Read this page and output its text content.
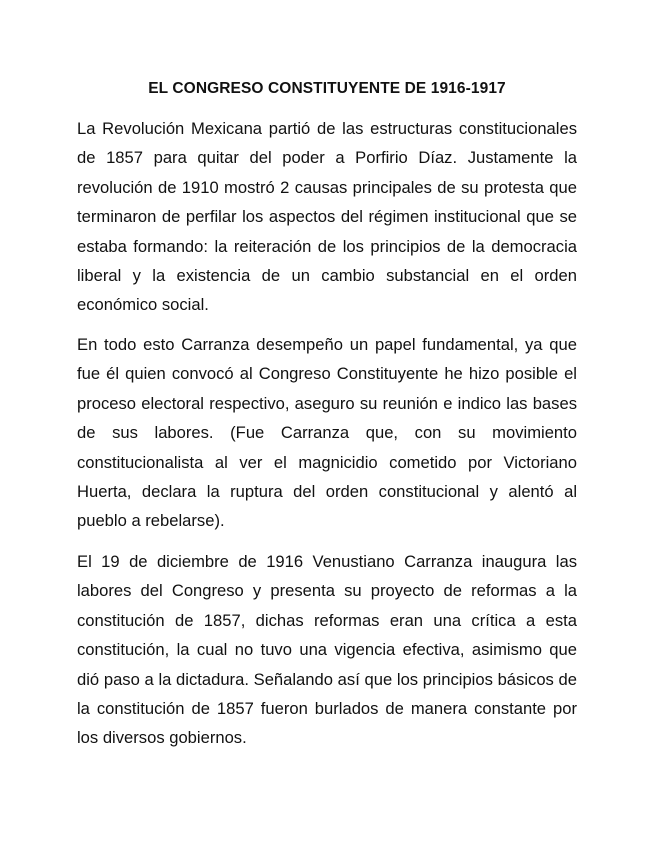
EL CONGRESO CONSTITUYENTE DE 1916-1917

La Revolución Mexicana partió de las estructuras constitucionales de 1857 para quitar del poder a Porfirio Díaz. Justamente la revolución de 1910 mostró 2 causas principales de su protesta que terminaron de perfilar los aspectos del régimen institucional que se estaba formando: la reiteración de los principios de la democracia liberal y la existencia de un cambio substancial en el orden económico social.

En todo esto Carranza desempeño un papel fundamental, ya que fue él quien convocó al Congreso Constituyente he hizo posible el proceso electoral respectivo, aseguro su reunión e indico las bases de sus labores. (Fue Carranza que, con su movimiento constitucionalista al ver el magnicidio cometido por Victoriano Huerta, declara la ruptura del orden constitucional y alentó al pueblo a rebelarse).

El 19 de diciembre de 1916 Venustiano Carranza inaugura las labores del Congreso y presenta su proyecto de reformas a la constitución de 1857, dichas reformas eran una crítica a esta constitución, la cual no tuvo una vigencia efectiva, asimismo que dió paso a la dictadura. Señalando así que los principios básicos de la constitución de 1857 fueron burlados de manera constante por los diversos gobiernos.
